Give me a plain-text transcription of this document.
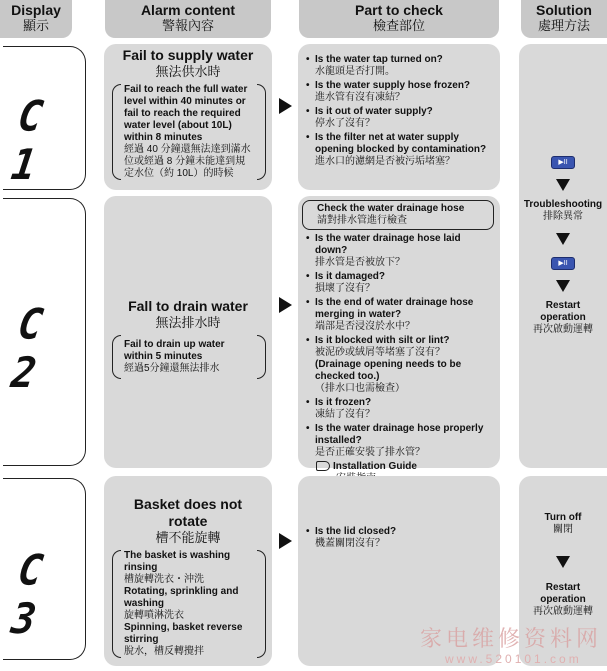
Display
顯示
Alarm content
警報內容
Part to check
檢查部位
Solution
處理方法
C 1
Fail to supply water
無法供水時
Fail to reach the full water level within 40 minutes or fail to reach the required water level (about 10L) within 8 minutes
經過 40 分鐘還無法達到滿水位或經過 8 分鐘未能達到規定水位（約 10L）的時候
• Is the water tap turned on?
水龍頭是否打開。
• Is the water supply hose frozen?
進水管有沒有凍結？
• Is it out of water supply?
停水了沒有？
• Is the filter net at water supply opening blocked by contamination?
進水口的濾網是否被污垢堵塞？
C 2
Fall to drain water
無法排水時
Fail to drain up water within 5 minutes
經過5分鐘還無法排水
Check the water drainage hose
請對排水管進行檢查
• Is the water drainage hose laid down?
排水管是否被放下？
• Is it damaged?
損壞了沒有？
• Is the end of water drainage hose merging in water?
端部是否浸沒於水中？
• Is it blocked with silt or lint?
被泥砂或絨屑等堵塞了沒有？
(Drainage opening needs to be checked too.)
（排水口也需檢查）
• Is it frozen?
凍結了沒有？
• Is the water drainage hose properly installed?
是否正確安裝了排水管？
Installation Guide
C 3
Basket does not rotate
槽不能旋轉
The basket is washing rinsing
槽旋轉洗衣・沖洗
Rotating, sprinkling and washing
旋轉噴淋洗衣
Spinning, basket reverse stirring
脫水，槽反轉攪拌
• Is the lid closed?
機蓋關閉沒有？
▶II
Troubleshooting
排除異常
▶II
Restart operation
再次啟動運轉
Turn off
關閉
Restart operation
再次啟動運轉
家电维修资料网
www.520101.com
